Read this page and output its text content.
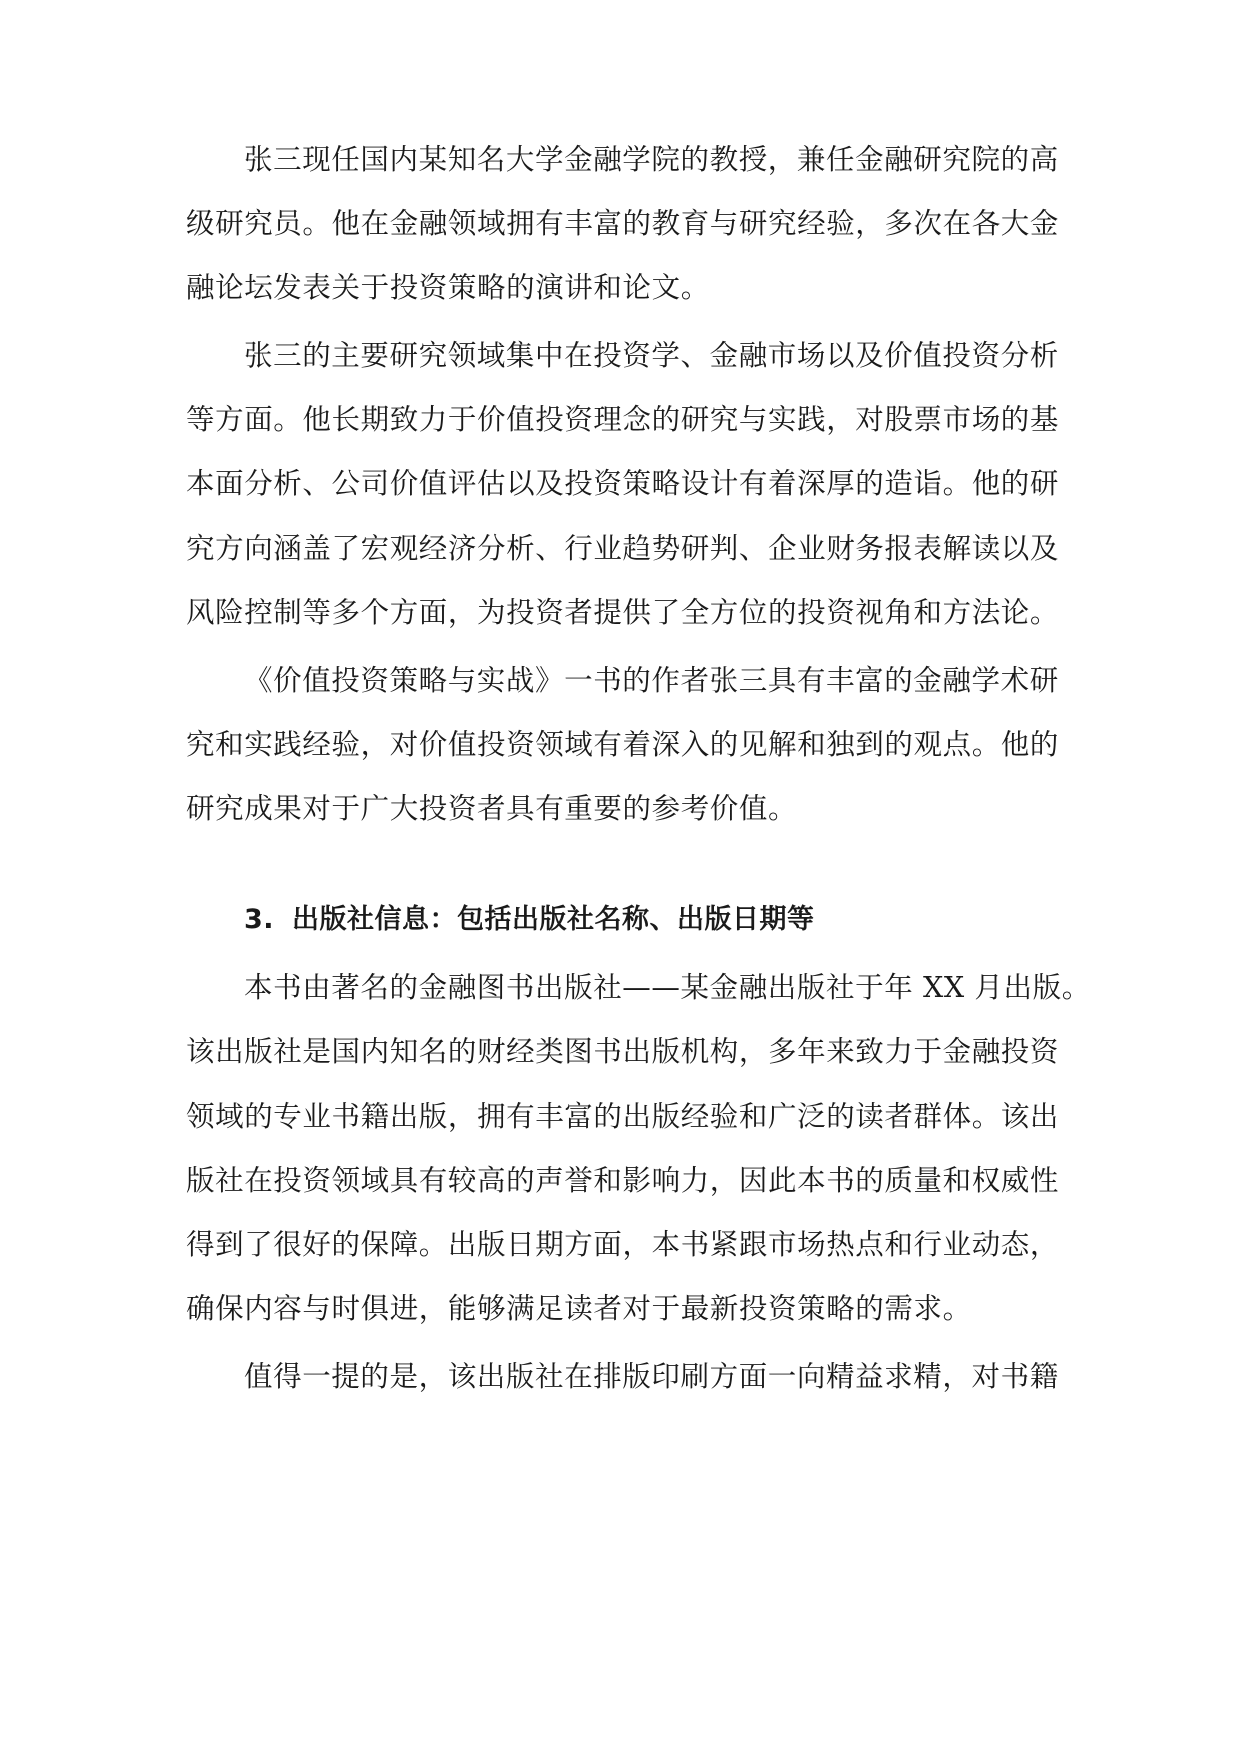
张三现任国内某知名大学金融学院的教授，兼任金融研究院的高
级研究员。他在金融领域拥有丰富的教育与研究经验，多次在各大金
融论坛发表关于投资策略的演讲和论文。
张三的主要研究领域集中在投资学、金融市场以及价值投资分析
等方面。他长期致力于价值投资理念的研究与实践，对股票市场的基
本面分析、公司价值评估以及投资策略设计有着深厚的造诣。他的研
究方向涵盖了宏观经济分析、行业趋势研判、企业财务报表解读以及
风险控制等多个方面，为投资者提供了全方位的投资视角和方法论。
《价值投资策略与实战》一书的作者张三具有丰富的金融学术研
究和实践经验，对价值投资领域有着深入的见解和独到的观点。他的
研究成果对于广大投资者具有重要的参考价值。
3. 出版社信息：包括出版社名称、出版日期等
本书由著名的金融图书出版社——某金融出版社于年 XX 月出版。
该出版社是国内知名的财经类图书出版机构，多年来致力于金融投资
领域的专业书籍出版，拥有丰富的出版经验和广泛的读者群体。该出
版社在投资领域具有较高的声誉和影响力，因此本书的质量和权威性
得到了很好的保障。出版日期方面，本书紧跟市场热点和行业动态，
确保内容与时俱进，能够满足读者对于最新投资策略的需求。
值得一提的是，该出版社在排版印刷方面一向精益求精，对书籍
